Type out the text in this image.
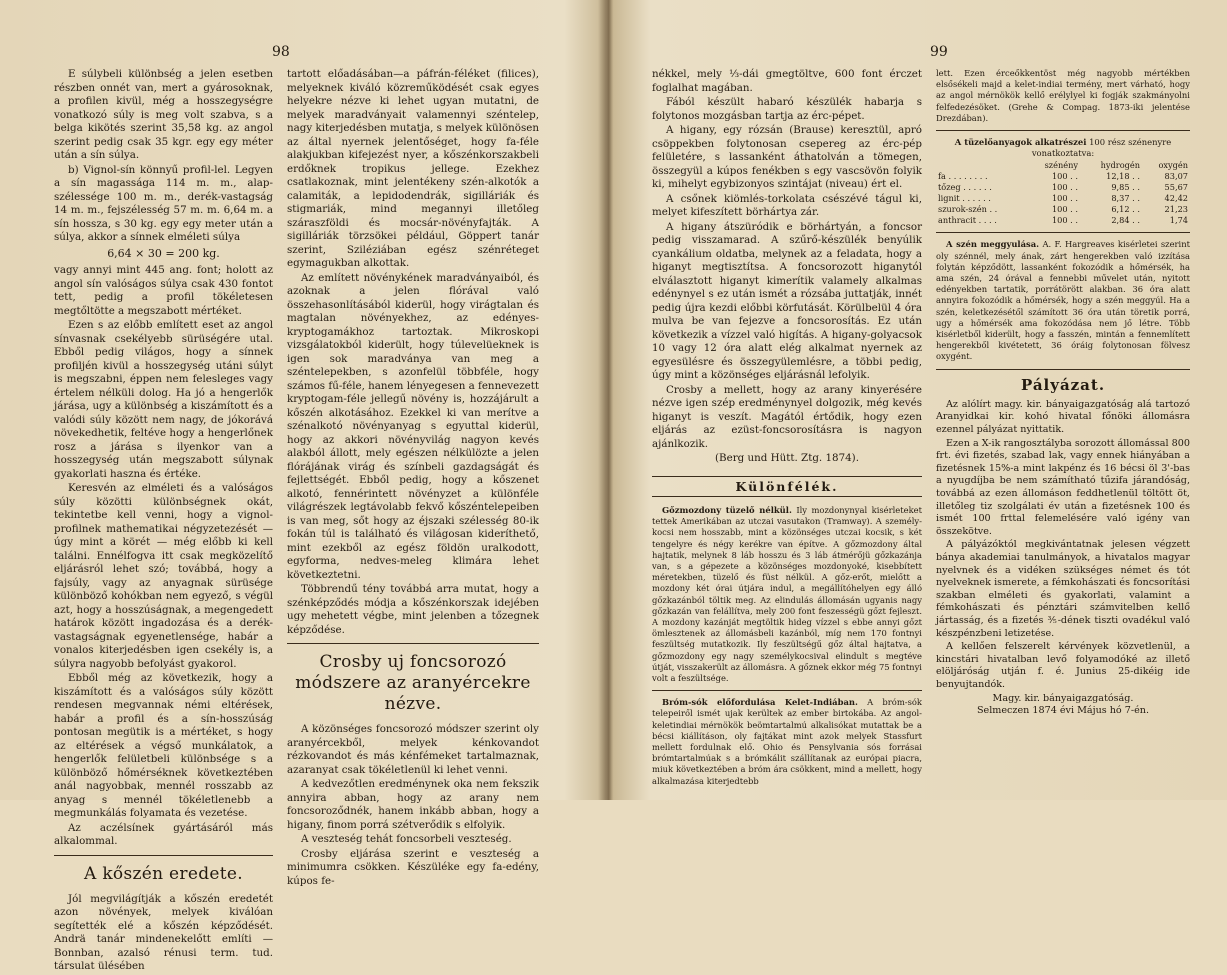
98

E súlybeli különbség a jelen esetben részben onnét van, mert a gyárosoknak, a profilen kivül, még a hosszegységre vonatkozó súly is meg volt szabva, s a belga kikötés szerint 35,58 kg. az angol szerint pedig csak 35 kgr. egy egy méter után a sín súlya.

b) Vignol-sín könnyű profil-lel. Legyen a sín magassága 114 m. m., alap-szélessége 100 m. m., derék-vastagság 14 m. m., fejszélesség 57 m. m. 6,64 m. a sín hossza, s 30 kg. egy egy meter után a súlya, akkor a sínnek elméleti súlya

6,64 × 30 = 200 kg.

vagy annyi mint 445 ang. font; holott az angol sín valóságos súlya csak 430 fontot tett, pedig a profil tökéletesen megtőltötte a megszabott mértéket.

Ezen s az előbb említett eset az angol sínvasnak csekélyebb sürüségére utal. Ebből pedig világos, hogy a sínnek profiljén kivül a hosszegység utáni súlyt is megszabni, éppen nem felesleges vagy értelem nélküli dolog. Ha jó a hengerlők járása, ugy a különbség a kiszámított és a valódi súly között nem nagy, de jókorává növekedhetik, feltéve hogy a hengerlőnek rosz a járása s ilyenkor van a hosszegység után megszabott súlynak gyakorlati haszna és értéke.

Keresvén az elméleti és a valóságos súly közötti különbségnek okát, tekintetbe kell venni, hogy a vignol-profilnek mathematikai négyzetezését — úgy mint a körét — még előbb ki kell találni. Ennélfogva itt csak megközelítő eljárásról lehet szó; továbbá, hogy a fajsúly, vagy az anyagnak sürüsége különböző kohókban nem egyező, s végül azt, hogy a hosszúságnak, a megengedett határok között ingadozása és a derék-vastagságnak egyenetlensége, habár a vonalos kiterjedésben igen csekély is, a súlyra nagyobb befolyást gyakorol.

Ebből még az következik, hogy a kiszámított és a valóságos súly között rendesen megvannak némi eltérések, habár a profil és a sín-hosszúság pontosan megütik is a mértéket, s hogy az eltérések a végső munkálatok, a hengerlők felületbeli különbsége s a különböző hőmérséknek következtében anál nagyobbak, mennél rosszabb az anyag s mennél tökéletlenebb a megmunkálás folyamata és vezetése.

Az aczélsínek gyártásáról más alkalommal.

A kőszén eredete.

Jól megvilágítják a kőszén eredetét azon növények, melyek kiválóan segítették elé a kőszén képződését. Andrä tanár mindenekelőtt említi — Bonnban, azalsó rénusi term. tud. társulat ülésében

tartott előadásában—a páfrán-féléket (filices), melyeknek kiváló közreműködését csak egyes helyekre nézve ki lehet ugyan mutatni, de melyek maradványait valamennyi széntelep, nagy kiterjedésben mutatja, s melyek különösen az által nyernek jelentőséget, hogy fa-féle alakjukban kifejezést nyer, a kőszénkorszakbeli erdőknek tropikus jellege. Ezekhez csatlakoznak, mint jelentékeny szén-alkotók a calamiták, a lepidodendrák, sigilláriák és stigmariák, mind megannyi illetőleg száraszföldi és mocsár-növényfajták. A sigilláriák törzsökei például, Göppert tanár szerint, Sziléziában egész szénréteget egymagukban alkottak.

Az említett növénykének maradványaiból, és azoknak a jelen flórával való összehasonlításából kiderül, hogy virágtalan és magtalan növényekhez, az edényes-kryptogamákhoz tartoztak. Mikroskopi vizsgálatokból kiderült, hogy túlevelüeknek is igen sok maradványa van meg a széntelepekben, s azonfelül többféle, hogy számos fű-féle, hanem lényegesen a fennevezett kryptogam-féle jellegű növény is, hozzájárult a kőszén alkotásához. Ezekkel ki van merítve a szénalkotó növényanyag s egyuttal kiderül, hogy az akkori növényvilág nagyon kevés alakból állott, mely egészen nélkülözte a jelen flórájának virág és színbeli gazdagságát és fejlettségét. Ebből pedig, hogy a kőszenet alkotó, fennérintett növényzet a különféle világrészek legtávolabb fekvő kőszéntelepeiben is van meg, sőt hogy az éjszaki szélesség 80-ik fokán túl is található és világosan kideríthető, mint ezekből az egész földön uralkodott, egyforma, nedves-meleg klimára lehet következtetni.

Többrendű tény továbbá arra mutat, hogy a szénképződés módja a kőszénkorszak idejében ugy mehetett végbe, mint jelenben a tőzegnek képződése.

Crosby uj foncsorozó módszere az aranyércekre nézve.

A közönséges foncsorozó módszer szerint oly aranyércekből, melyek kénkovandot rézkovandot és más kénfémeket tartalmaznak, azaranyat csak tökéletlenül ki lehet venni.

A kedvezőtlen eredménynek oka nem fekszik annyira abban, hogy az arany nem foncsoroződnék, hanem inkább abban, hogy a higany, finom porrá szétverődik s elfolyik.

A veszteség tehát foncsorbeli veszteség.

Crosby eljárása szerint e veszteség a minimumra csökken. Készüléke egy fa-edény, kúpos fe-

99

nékkel, mely ⅓-dái gmegtöltve, 600 font érczet foglalhat magában.

Fából készült habaró készülék habarja s folytonos mozgásban tartja az érc-pépet.

A higany, egy rózsán (Brause) keresztül, apró csöppekben folytonosan csepereg az érc-pép felületére, s lassanként áthatolván a tömegen, összegyül a kúpos fenékben s egy vascsövön folyik ki, mihelyt egybizonyos szintájat (niveau) ért el.

A csőnek kiömlés-torkolata csészévé tágul ki, melyet kifeszített börhártya zár.

A higany átszüródik e börhártyán, a foncsor pedig visszamarad. A szűrő-készülék benyúlik cyankálium oldatba, melynek az a feladata, hogy a higanyt megtisztítsa. A foncsorozott higanytól elválasztott higanyt kimerítik valamely alkalmas edénynyel s ez után ismét a rózsába juttatják, innét pedig újra kezdi előbbi körfutását. Körülbelül 4 óra mulva be van fejezve a foncsorosítás. Ez után következik a vízzel való higítás. A higany-golyacsok 10 vagy 12 óra alatt elég alkalmat nyernek az egyesülésre és összegyülemlésre, a többi pedig, úgy mint a közönséges eljárásnál lefolyik.

Crosby a mellett, hogy az arany kinyerésére nézve igen szép eredménynyel dolgozik, még kevés higanyt is veszít. Magától értődik, hogy ezen eljárás az ezüst-foncsorosításra is nagyon ajánlkozik.

(Berg und Hütt. Ztg. 1874).
Különfélék.

Gőzmozdony tüzelő nélkül. Ily mozdonynyal kisérleteket tettek Amerikában az utczai vasutakon (Tramway). A személy-kocsi nem hosszabb, mint a közönséges utczai kocsik, s két tengelyre és négy kerékre van építve. A gőzmozdony által hajtatik, melynek 8 láb hosszu és 3 láb átmérőjü gőzkazánja van, s a gépezete a közönséges mozdonyoké, kisebbített méretekben, tüzelő és füst nélkül. A gőz-erőt, mielőtt a mozdony két órai útjára indul, a megállítóhelyen egy álló gőzkazánból töltik meg. Az elindulás állomásán ugyanis nagy gőzkazán van felállítva, mely 200 font feszességü gőzt fejleszt. A mozdony kazánját megtöltik hideg vízzel s ebbe annyi gőzt ömlesztenek az állomásbeli kazánból, míg nem 170 fontnyi feszültség mutatkozik. Ily feszültségű gőz által hajtatva, a gőzmozdony egy nagy személykocsival elindult s megtéve útját, visszakerült az állomásra. A gőznek ekkor még 75 fontnyi volt a feszültsége.

Bróm-sók előfordulása Kelet-Indiában. A bróm-sók telepeiről ismét ujak kerültek az ember birtokába. Az angol-keletindiai mérnökök beömtartalmú alkalisókat mutattak be a bécsi kiállításon, oly fajtákat mint azok melyek Stassfurt mellett fordulnak elő. Ohio és Pensylvania sós forrásai brómtartalmúak s a brómkálit szállítanak az európai piacra, miuk következtében a bróm ára csökkent, mind a mellett, hogy alkalmazása kiterjedtebb

lett. Ezen érceőkkentöst még nagyobb mértékben elsősékeli majd a kelet-indiai termény, mert várható, hogy az angol mérnökök kellő erélylyel ki fogják szakmányolni felfedezésöket. (Grehe & Compag. 1873-iki jelentése Drezdában).

A tüzelőanyagok alkatrészei 100 rész szénenyre vonatkoztatva:

	szénény	hydrogén	oxygén
fa . . . . . . . .	100 . .	12,18 . .	83,07
tőzeg . . . . . .	100 . .	9,85 . .	55,67
lignit . . . . . .	100 . .	8,37 . .	42,42
szurok-szén . .	100 . .	6,12 . .	21,23
anthracit . . . .	100 . .	2,84 . .	1,74

A szén meggyulása. A. F. Hargreaves kisérletei szerint oly szénnél, mely ának, zárt hengerekben való izzítása folytán képződött, lassanként fokozódik a hőmérsék, ha ama szén, 24 órával a fennebbi művelet után, nyitott edényekben tartatik, porrátörött alakban. 36 óra alatt annyira fokozódik a hőmérsék, hogy a szén meggyúl. Ha a szén, keletkezésétől számított 36 óra után töretik porrá, ugy a hőmérsék ama fokozódása nem jő létre. Több kisérletből kiderült, hogy a fasszén, mintán a fennemlített hengerekből kivétetett, 36 óráig folytonosan fölvesz oxygént.

Pályázat.

Az alólírt magy. kir. bányaigazgatóság alá tartozó Aranyidkai kir. kohó hivatal főnöki állomásra ezennel pályázat nyittatik.

Ezen a X-ik rangosztályba sorozott állomással 800 frt. évi fizetés, szabad lak, vagy ennek hiányában a fizetésnek 15%-a mint lakpénz és 16 bécsi öl 3'-bas a nyugdíjba be nem számítható tűzifa járandóság, továbbá az ezen állomáson feddhetlenül töltött öt, illetőleg tiz szolgálati év után a fizetésnek 100 és ismét 100 frttal felemelésére való igény van összekötve.

A pályázóktól megkivántatnak jelesen végzett bánya akademiai tanulmányok, a hivatalos magyar nyelvnek és a vidéken szükséges német és tót nyelveknek ismerete, a fémkohászati és foncsorítási szakban elméleti és gyakorlati, valamint a fémkohászati és pénztári számvitelben kellő jártasság, és a fizetés ⅗-dének tiszti ovadékul való készpénzbeni letizetése.

A kellően felszerelt kérvények közvetlenül, a kincstári hivatalban levő folyamodóké az illető elöljáróság utján f. é. Junius 25-dikéig ide benyujtandók.

Magy. kir. bányaigazgatóság.
Selmeczen 1874 évi Május hó 7-én.
